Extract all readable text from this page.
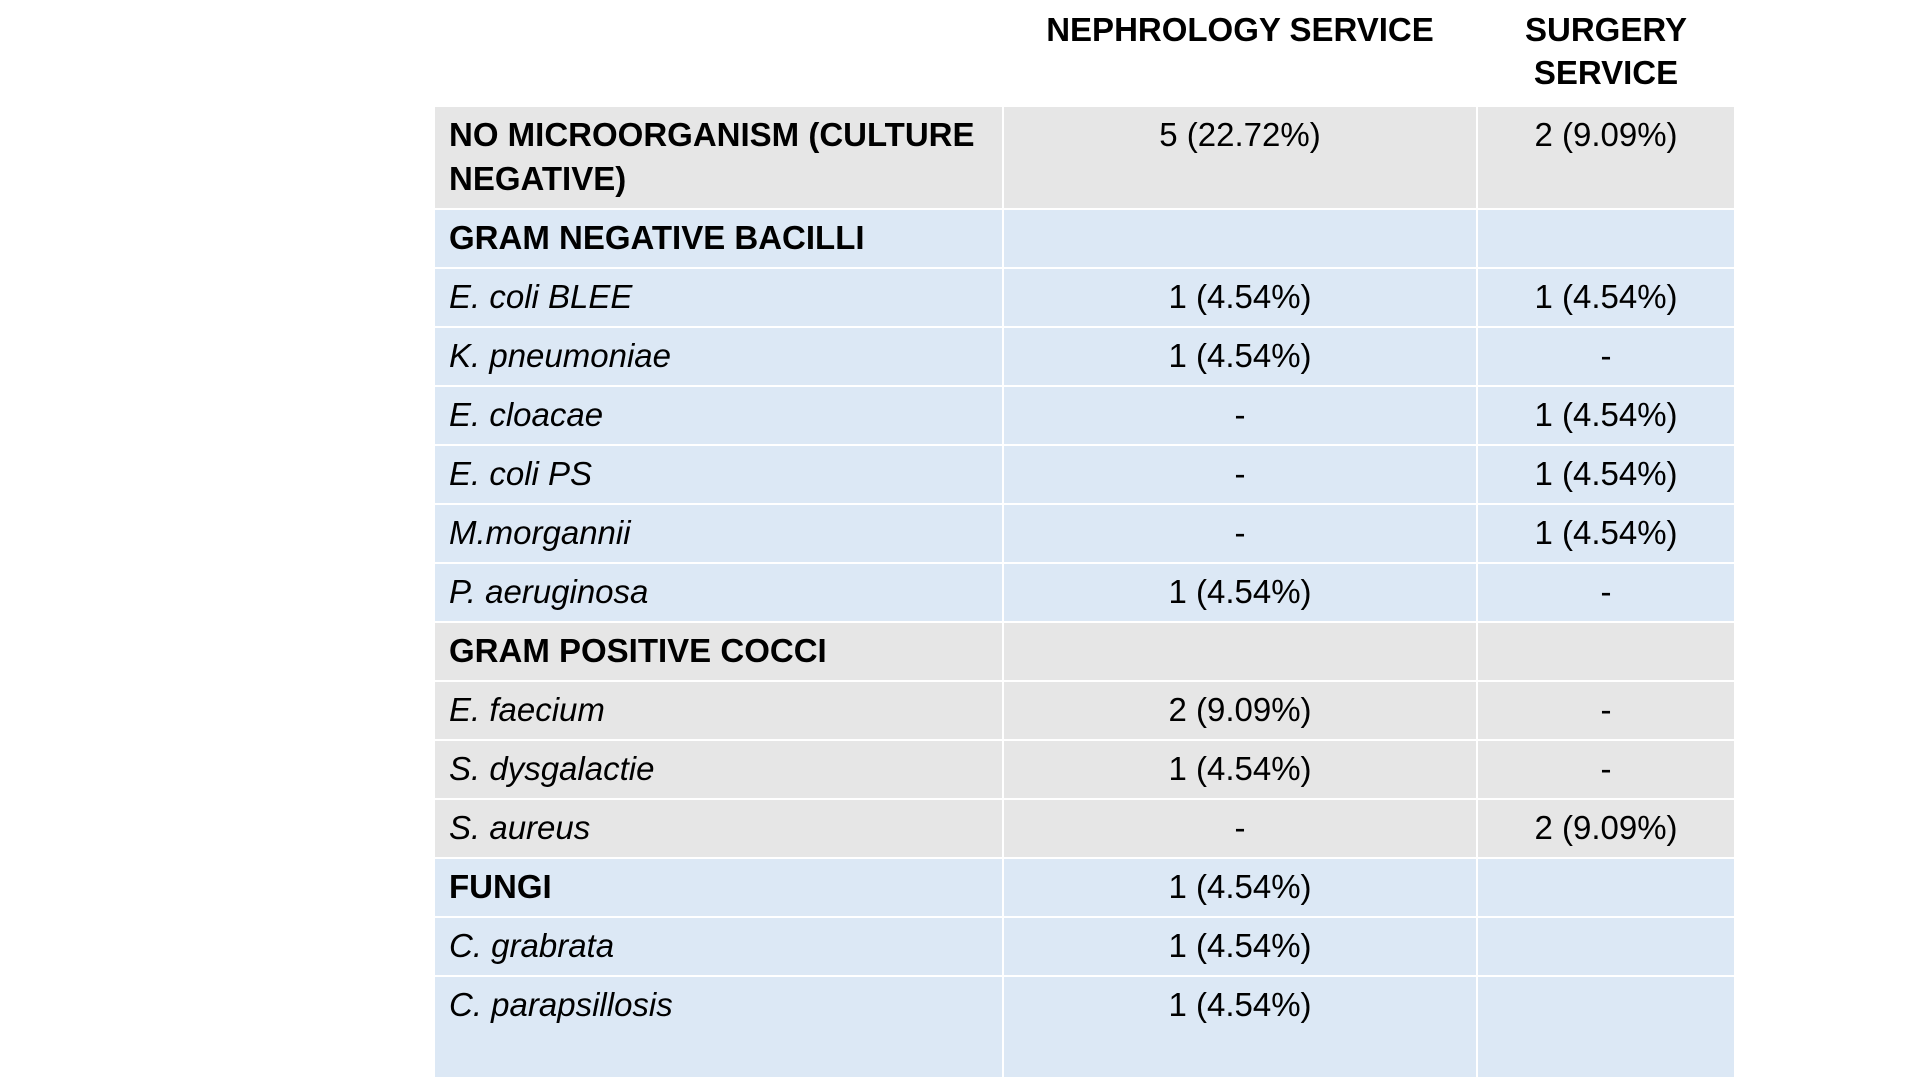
	NEPHROLOGY SERVICE	SURGERY SERVICE
NO MICROORGANISM (CULTURE NEGATIVE)	5 (22.72%)	2 (9.09%)
GRAM NEGATIVE BACILLI		
E. coli BLEE	1 (4.54%)	1 (4.54%)
K. pneumoniae	1 (4.54%)	-
E. cloacae	-	1 (4.54%)
E. coli PS	-	1 (4.54%)
M.morgannii	-	1 (4.54%)
P. aeruginosa	1 (4.54%)	-
GRAM POSITIVE COCCI		
E. faecium	2 (9.09%)	-
S. dysgalactie	1 (4.54%)	-
S. aureus	-	2 (9.09%)
FUNGI	1 (4.54%)	
C. grabrata	1 (4.54%)	
C. parapsillosis	1 (4.54%)	
